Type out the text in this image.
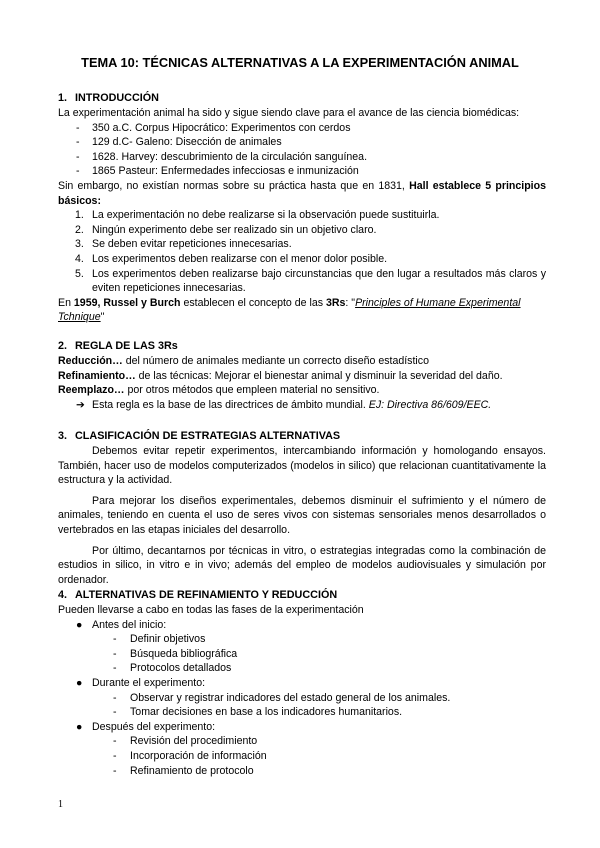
TEMA 10: TÉCNICAS ALTERNATIVAS A LA EXPERIMENTACIÓN ANIMAL
1. INTRODUCCIÓN

La experimentación animal ha sido y sigue siendo clave para el avance de las ciencia biomédicas:

- 350 a.C. Corpus Hipocrático: Experimentos con cerdos
- 129 d.C- Galeno: Disección de animales
- 1628. Harvey: descubrimiento de la circulación sanguínea.
- 1865 Pasteur: Enfermedades infecciosas e inmunización

Sin embargo, no existían normas sobre su práctica hasta que en 1831, Hall establece 5 principios básicos:

1. La experimentación no debe realizarse si la observación puede sustituirla.
2. Ningún experimento debe ser realizado sin un objetivo claro.
3. Se deben evitar repeticiones innecesarias.
4. Los experimentos deben realizarse con el menor dolor posible.
5. Los experimentos deben realizarse bajo circunstancias que den lugar a resultados más claros y eviten repeticiones innecesarias.

En 1959, Russel y Burch establecen el concepto de las 3Rs: "Principles of Humane Experimental Tchnique"

2. REGLA DE LAS 3Rs

Reducción… del número de animales mediante un correcto diseño estadístico

Refinamiento… de las técnicas: Mejorar el bienestar animal y disminuir la severidad del daño.

Reemplazo… por otros métodos que empleen material no sensitivo.

➔ Esta regla es la base de las directrices de ámbito mundial. EJ: Directiva 86/609/EEC.
3. CLASIFICACIÓN DE ESTRATEGIAS ALTERNATIVAS

Debemos evitar repetir experimentos, intercambiando información y homologando ensayos. También, hacer uso de modelos computerizados (modelos in silico) que relacionan cuantitativamente la estructura y la actividad.

Para mejorar los diseños experimentales, debemos disminuir el sufrimiento y el número de animales, teniendo en cuenta el uso de seres vivos con sistemas sensoriales menos desarrollados o vertebrados en las etapas iniciales del desarrollo.

Por último, decantarnos por técnicas in vitro, o estrategias integradas como la combinación de estudios in silico, in vitro e in vivo; además del empleo de modelos audiovisuales y simulación por ordenador.

4. ALTERNATIVAS DE REFINAMIENTO Y REDUCCIÓN

Pueden llevarse a cabo en todas las fases de la experimentación

● Antes del inicio:
- Definir objetivos
- Búsqueda bibliográfica
- Protocolos detallados
● Durante el experimento:
- Observar y registrar indicadores del estado general de los animales.
- Tomar decisiones en base a los indicadores humanitarios.
● Después del experimento:
- Revisión del procedimiento
- Incorporación de información
- Refinamiento de protocolo
1
